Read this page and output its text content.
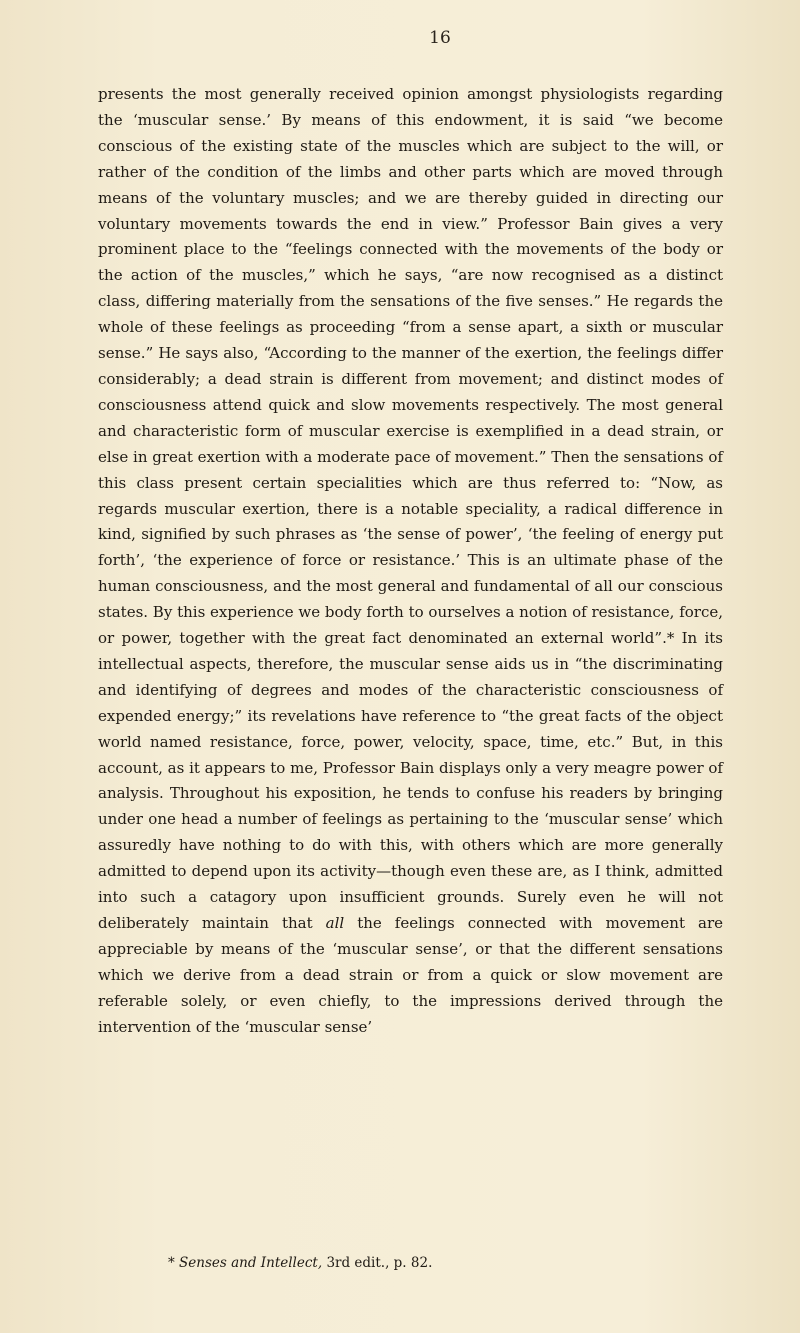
16

presents the most generally received opinion amongst physiologists regarding the ‘muscular sense.’ By means of this endowment, it is said “we become conscious of the existing state of the muscles which are subject to the will, or rather of the condition of the limbs and other parts which are moved through means of the voluntary muscles; and we are thereby guided in directing our voluntary movements towards the end in view.” Professor Bain gives a very prominent place to the “feelings connected with the movements of the body or the action of the muscles,” which he says, “are now recognised as a distinct class, differing materially from the sensations of the five senses.” He regards the whole of these feelings as proceeding “from a sense apart, a sixth or muscular sense.” He says also, “According to the manner of the exertion, the feelings differ considerably; a dead strain is different from movement; and distinct modes of consciousness attend quick and slow movements respectively. The most general and characteristic form of muscular exercise is exemplified in a dead strain, or else in great exertion with a moderate pace of movement.” Then the sensations of this class present certain specialities which are thus referred to: “Now, as regards muscular exertion, there is a notable speciality, a radical difference in kind, signified by such phrases as ‘the sense of power’, ‘the feeling of energy put forth’, ‘the experience of force or resistance.’ This is an ultimate phase of the human consciousness, and the most general and fundamental of all our conscious states. By this experience we body forth to ourselves a notion of resistance, force, or power, together with the great fact denominated an external world”.* In its intellectual aspects, therefore, the muscular sense aids us in “the discriminating and identifying of degrees and modes of the characteristic consciousness of expended energy;” its revelations have reference to “the great facts of the object world named resistance, force, power, velocity, space, time, etc.” But, in this account, as it appears to me, Professor Bain displays only a very meagre power of analysis. Throughout his exposition, he tends to confuse his readers by bringing under one head a number of feelings as pertaining to the ‘muscular sense’ which assuredly have nothing to do with this, with others which are more generally admitted to depend upon its activity—though even these are, as I think, admitted into such a catagory upon insufficient grounds. Surely even he will not deliberately maintain that all the feelings connected with movement are appreciable by means of the ‘muscular sense’, or that the different sensations which we derive from a dead strain or from a quick or slow movement are referable solely, or even chiefly, to the impressions derived through the intervention of the ‘muscular sense’

* Senses and Intellect, 3rd edit., p. 82.
